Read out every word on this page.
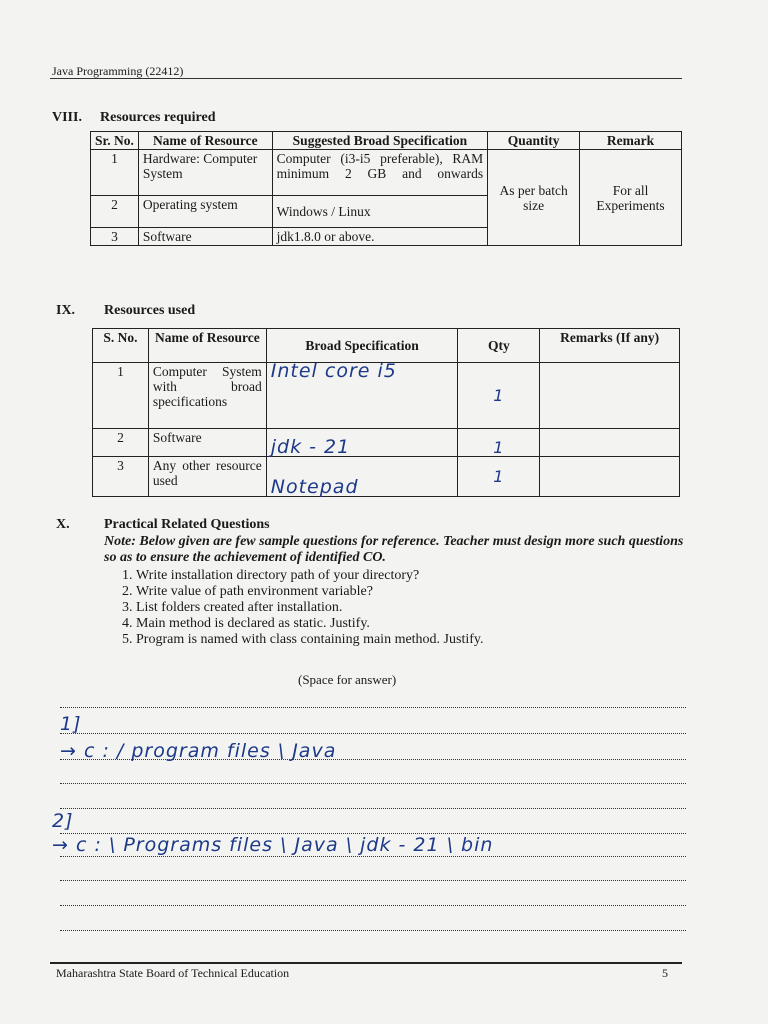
Java Programming (22412)
VIII. Resources required
Sr. No.	Name of Resource	Suggested Broad Specification	Quantity	Remark
1	Hardware: Computer System	Computer (i3-i5 preferable), RAM minimum 2 GB and onwards	As per batch size	For all Experiments
2	Operating system	Windows / Linux		
3	Software	jdk1.8.0 or above.		
IX. Resources used
S. No.	Name of Resource	Broad Specification	Qty	Remarks (If any)
1	Computer System with broad specifications	Intel core i5	1	
2	Software	jdk - 21	1	
3	Any other resource used	Notepad	1	
X. Practical Related Questions
Note: Below given are few sample questions for reference. Teacher must design more such questions so as to ensure the achievement of identified CO.
1. Write installation directory path of your directory?
2. Write value of path environment variable?
3. List folders created after installation.
4. Main method is declared as static. Justify.
5. Program is named with class containing main method. Justify.
(Space for answer)
1]
→ c : / program files \ Java
2]
→ c : \ Programs files \ Java \ jdk - 21 \ bin
Maharashtra State Board of Technical Education	5
